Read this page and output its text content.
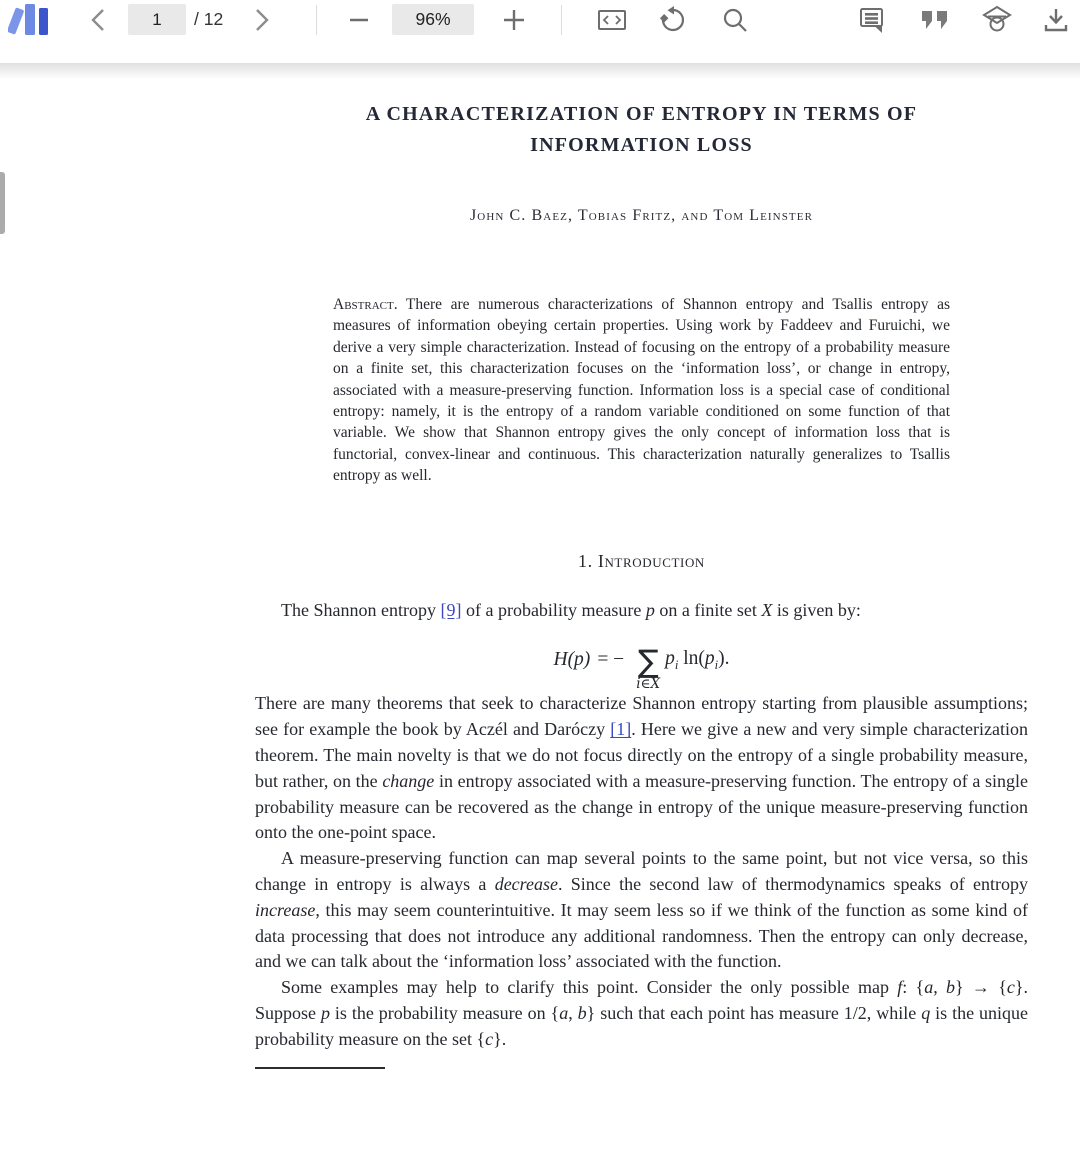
1
/ 12	96%
A CHARACTERIZATION OF ENTROPY IN TERMS OF
INFORMATION LOSS
John C. Baez, Tobias Fritz, and Tom Leinster
Abstract. There are numerous characterizations of Shannon entropy and Tsallis entropy as measures of information obeying certain properties. Using work by Faddeev and Furuichi, we derive a very simple characterization. Instead of focusing on the entropy of a probability measure on a finite set, this characterization focuses on the ‘information loss’, or change in entropy, associated with a measure-preserving function. Information loss is a special case of conditional entropy: namely, it is the entropy of a random variable conditioned on some function of that variable. We show that Shannon entropy gives the only concept of information loss that is functorial, convex-linear and continuous. This characterization naturally generalizes to Tsallis entropy as well.
1. Introduction
The Shannon entropy [9] of a probability measure p on a finite set X is given by:
H(p) = − ∑
i∈X
$p_i$ $\ln(p_i)$.
There are many theorems that seek to characterize Shannon entropy starting from plausible assumptions; see for example the book by Aczél and Daróczy [1]. Here we give a new and very simple characterization theorem. The main novelty is that we do not focus directly on the entropy of a single probability measure, but rather, on the change in entropy associated with a measure-preserving function. The entropy of a single probability measure can be recovered as the change in entropy of the unique measure-preserving function onto the one-point space.
A measure-preserving function can map several points to the same point, but not vice versa, so this change in entropy is always a decrease. Since the second law of thermodynamics speaks of entropy increase, this may seem counterintuitive. It may seem less so if we think of the function as some kind of data processing that does not introduce any additional randomness. Then the entropy can only decrease, and we can talk about the ‘information loss’ associated with the function.
Some examples may help to clarify this point. Consider the only possible map f: {a, b} → {c}. Suppose p is the probability measure on {a, b} such that each point has measure 1/2, while q is the unique probability measure on the set {c}.
